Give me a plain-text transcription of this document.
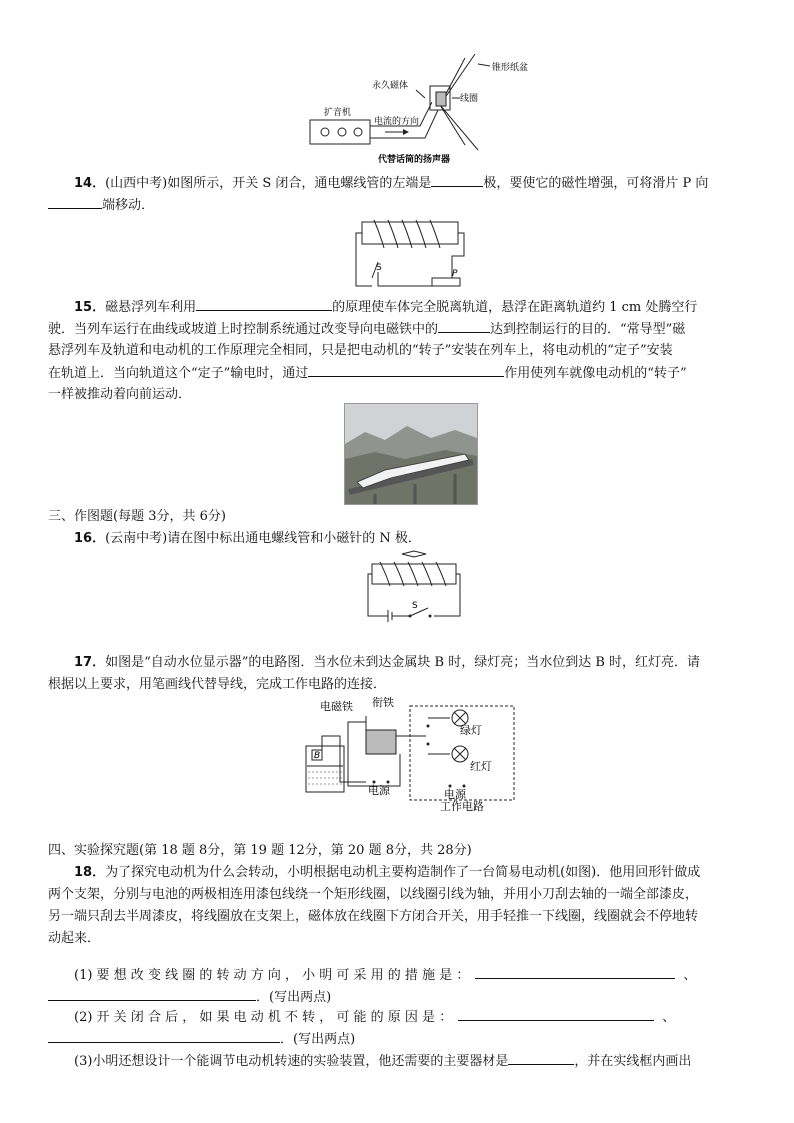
锥形纸盆
永久磁体
线圈
扩音机
电流的方向
代替话筒的扬声器
14．(山西中考)如图所示，开关 S 闭合，通电螺线管的左端是	极，要使它的磁性增强，可将滑片 P 向
端移动．
S
P
15．磁悬浮列车利用	的原理使车体完全脱离轨道，悬浮在距离轨道约 1 cm 处腾空行
驶．当列车运行在曲线或坡道上时控制系统通过改变导向电磁铁中的	达到控制运行的目的．“常导型”磁
悬浮列车及轨道和电动机的工作原理完全相同，只是把电动机的“转子”安装在列车上，将电动机的“定子”安装
在轨道上．当向轨道这个“定子”输电时，通过	作用使列车就像电动机的“转子”
一样被推动着向前运动．
三、作图题(每题 3分，共 6分)
16．(云南中考)请在图中标出通电螺线管和小磁针的 N 极．
S
17．如图是“自动水位显示器”的电路图．当水位未到达金属块 B 时，绿灯亮；当水位到达 B 时，红灯亮．请
根据以上要求，用笔画线代替导线，完成工作电路的连接．
电磁铁 衔铁
绿灯
红灯
电源	电源
工作电路
B
四、实验探究题(第 18 题 8分，第 19 题 12分，第 20 题 8分，共 28分)
18．为了探究电动机为什么会转动，小明根据电动机主要构造制作了一台简易电动机(如图)．他用回形针做成
两个支架，分别与电池的两极相连用漆包线绕一个矩形线圈，以线圈引线为轴，并用小刀刮去轴的一端全部漆皮，
另一端只刮去半周漆皮，将线圈放在支架上，磁体放在线圈下方闭合开关，用手轻推一下线圈，线圈就会不停地转
动起来．
(1) 要 想 改 变 线 圈 的 转 动 方 向 ， 小 明 可 采 用 的 措 施 是 ：	、
．(写出两点)
(2) 开 关 闭 合 后 ， 如 果 电 动 机 不 转 ， 可 能 的 原 因 是 ：	、
．(写出两点)
(3)小明还想设计一个能调节电动机转速的实验装置，他还需要的主要器材是	，并在实线框内画出
